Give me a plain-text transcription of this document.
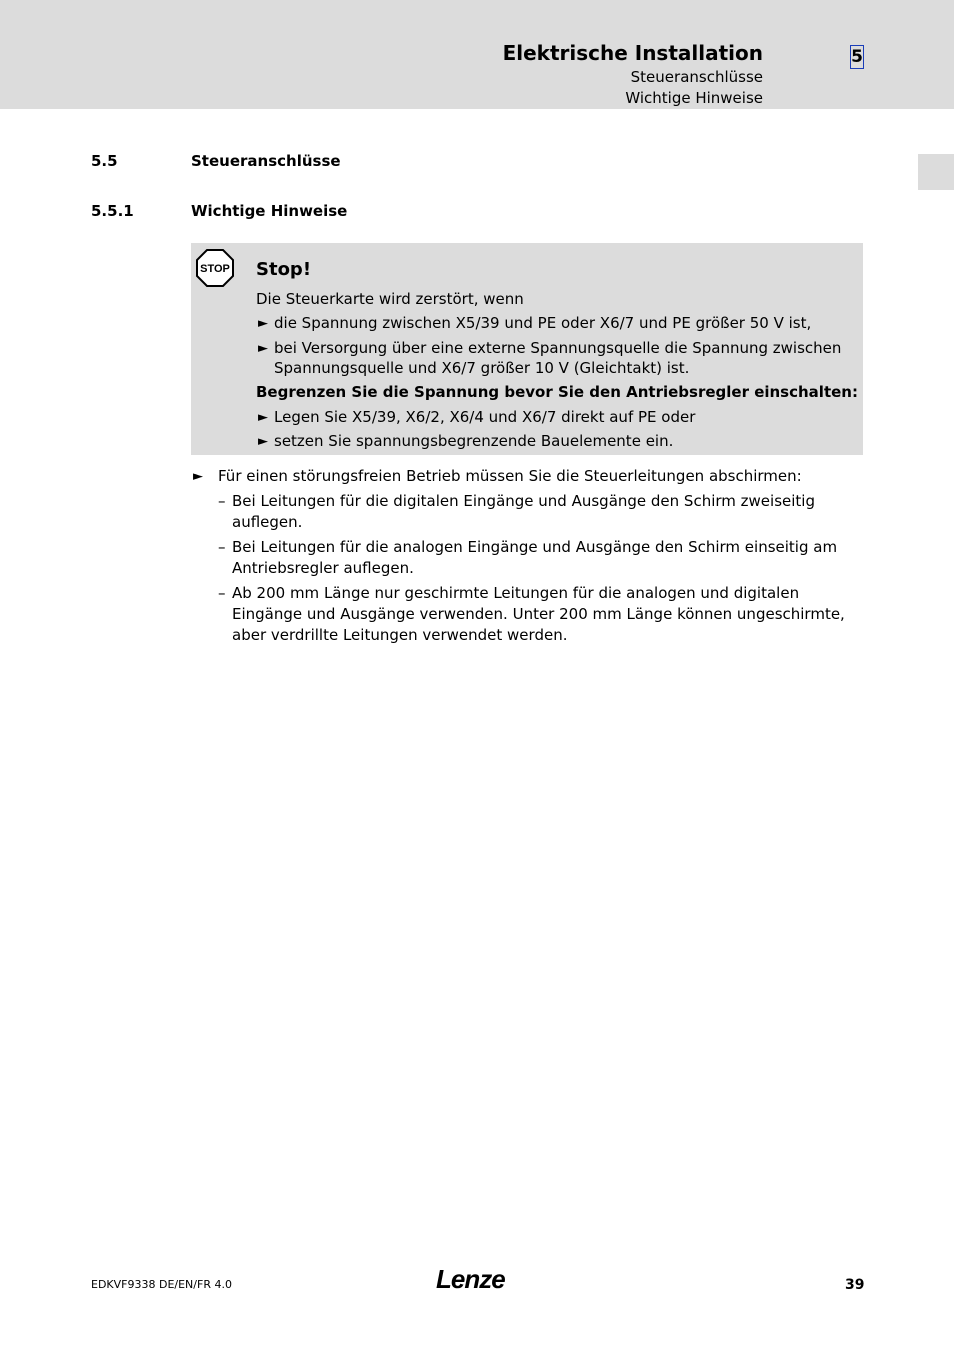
Elektrische Installation
Steueranschlüsse
Wichtige Hinweise
5
5.5	Steueranschlüsse
5.5.1	Wichtige Hinweise
STOP Stop!
Die Steuerkarte wird zerstört, wenn
► die Spannung zwischen X5/39 und PE oder X6/7 und PE größer 50 V ist,
► bei Versorgung über eine externe Spannungsquelle die Spannung zwischen
Spannungsquelle und X6/7 größer 10 V (Gleichtakt) ist.
Begrenzen Sie die Spannung bevor Sie den Antriebsregler einschalten:
► Legen Sie X5/39, X6/2, X6/4 und X6/7 direkt auf PE oder
► setzen Sie spannungsbegrenzende Bauelemente ein.
► Für einen störungsfreien Betrieb müssen Sie die Steuerleitungen abschirmen:
– Bei Leitungen für die digitalen Eingänge und Ausgänge den Schirm zweiseitig
auflegen.
– Bei Leitungen für die analogen Eingänge und Ausgänge den Schirm einseitig am
Antriebsregler auflegen.
– Ab 200 mm Länge nur geschirmte Leitungen für die analogen und digitalen
Eingänge und Ausgänge verwenden. Unter 200 mm Länge können ungeschirmte,
aber verdrillte Leitungen verwendet werden.
EDKVF9338 DE/EN/FR 4.0	Lenze	39
